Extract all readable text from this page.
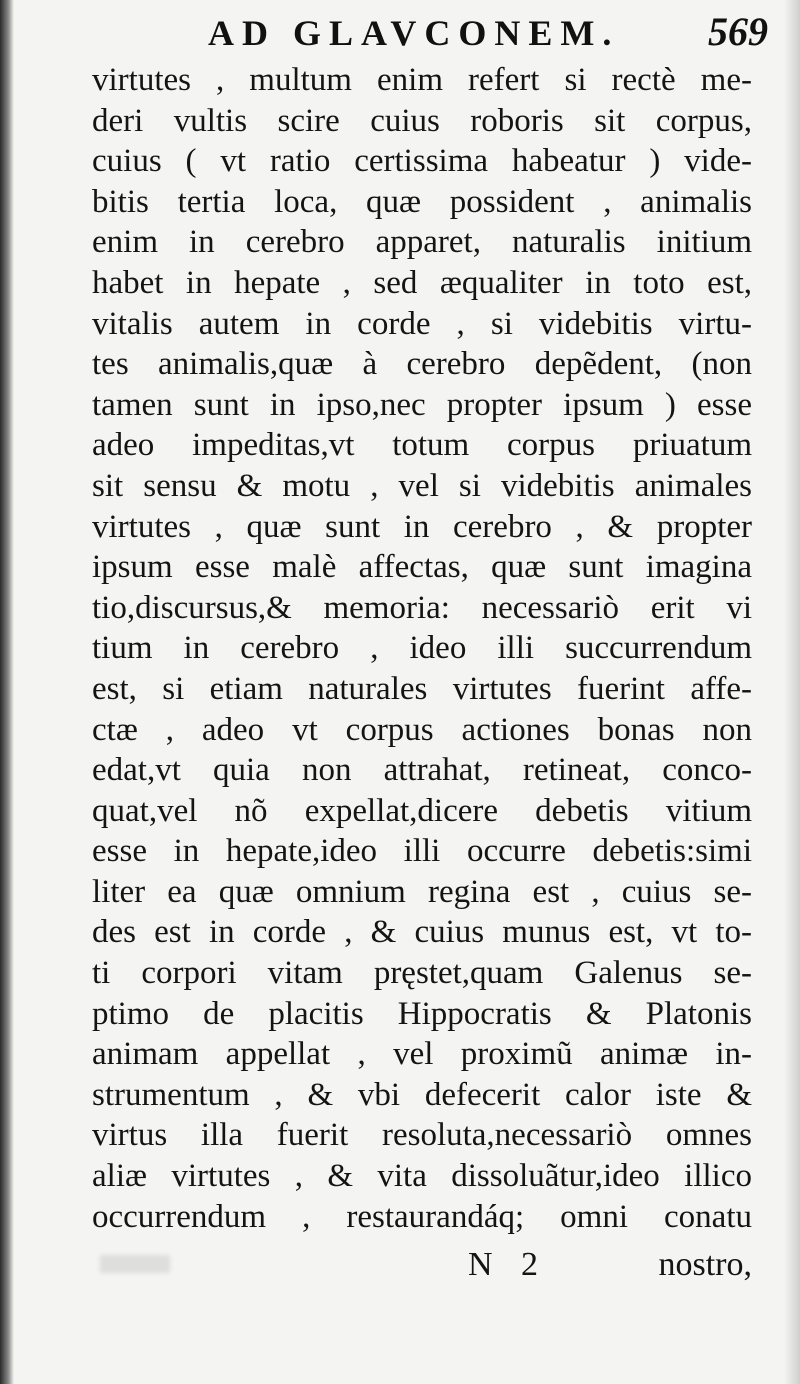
AD GLAVCONEM. 569
virtutes , multum enim refert si rectè me-
deri vultis scire cuius roboris sit corpus,
cuius ( vt ratio certissima habeatur ) vide-
bitis tertia loca, quæ possident , animalis
enim in cerebro apparet, naturalis initium
habet in hepate , sed æqualiter in toto est,
vitalis autem in corde , si videbitis virtu-
tes animalis,quæ à cerebro depẽdent, (non
tamen sunt in ipso,nec propter ipsum ) esse
adeo impeditas,vt totum corpus priuatum
sit sensu & motu , vel si videbitis animales
virtutes , quæ sunt in cerebro , & propter
ipsum esse malè affectas, quæ sunt imagina
tio,discursus,& memoria: necessariò erit vi
tium in cerebro , ideo illi succurrendum
est, si etiam naturales virtutes fuerint affe-
ctæ , adeo vt corpus actiones bonas non
edat,vt quia non attrahat, retineat, conco-
quat,vel nõ expellat,dicere debetis vitium
esse in hepate,ideo illi occurre debetis:simi
liter ea quæ omnium regina est , cuius se-
des est in corde , & cuius munus est, vt to-
ti corpori vitam pręstet,quam Galenus se-
ptimo de placitis Hippocratis & Platonis
animam appellat , vel proximũ animæ in-
strumentum , & vbi defecerit calor iste &
virtus illa fuerit resoluta,necessariò omnes
aliæ virtutes , & vita dissoluãtur,ideo illico
occurrendum , restaurandáq; omni conatu
N 2	nostro,
